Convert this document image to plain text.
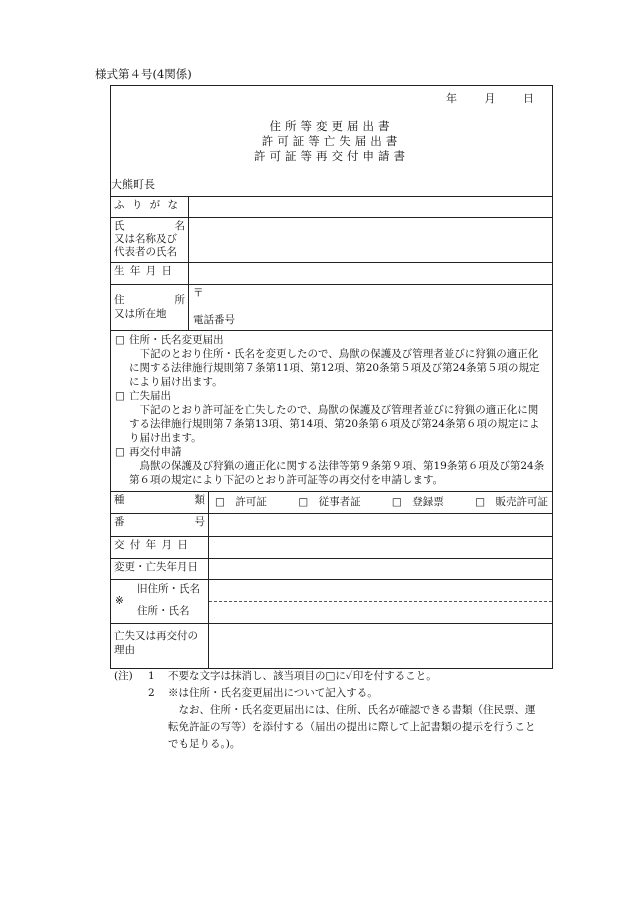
様式第４号(4関係)
年	月	日
住所等変更届出書
許可証等亡失届出書
許可証等再交付申請書
大熊町長
ふ り が な
氏	名
又は名称及び
代表者の氏名
生 年 月 日
住	所
又は所在地
〒
電話番号
□ 住所・氏名変更届出
下記のとおり住所・氏名を変更したので、鳥獣の保護及び管理者並びに狩猟の適正化に関する法律施行規則第７条第11項、第12項、第20条第５項及び第24条第５項の規定により届け出ます。
□ 亡失届出
下記のとおり許可証を亡失したので、鳥獣の保護及び管理者並びに狩猟の適正化に関する法律施行規則第７条第13項、第14項、第20条第６項及び第24条第６項の規定により届け出ます。
□ 再交付申請
鳥獣の保護及び狩猟の適正化に関する法律等第９条第９項、第19条第６項及び第24条第６項の規定により下記のとおり許可証等の再交付を申請します。
種	類 □　許可証	□　従事者証	□　登録票	□　販売許可証
番	号
交 付 年 月 日
変更・亡失年月日
※
旧住所・氏名
住所・氏名
亡失又は再交付の理由
(注)	1	不要な文字は抹消し、該当項目の□に✓印を付すること。
2	※は住所・氏名変更届出について記入する。
なお、住所・氏名変更届出には、住所、氏名が確認できる書類（住民票、運転免許証の写等）を添付する（届出の提出に際して上記書類の提示を行うことでも足りる。)。
